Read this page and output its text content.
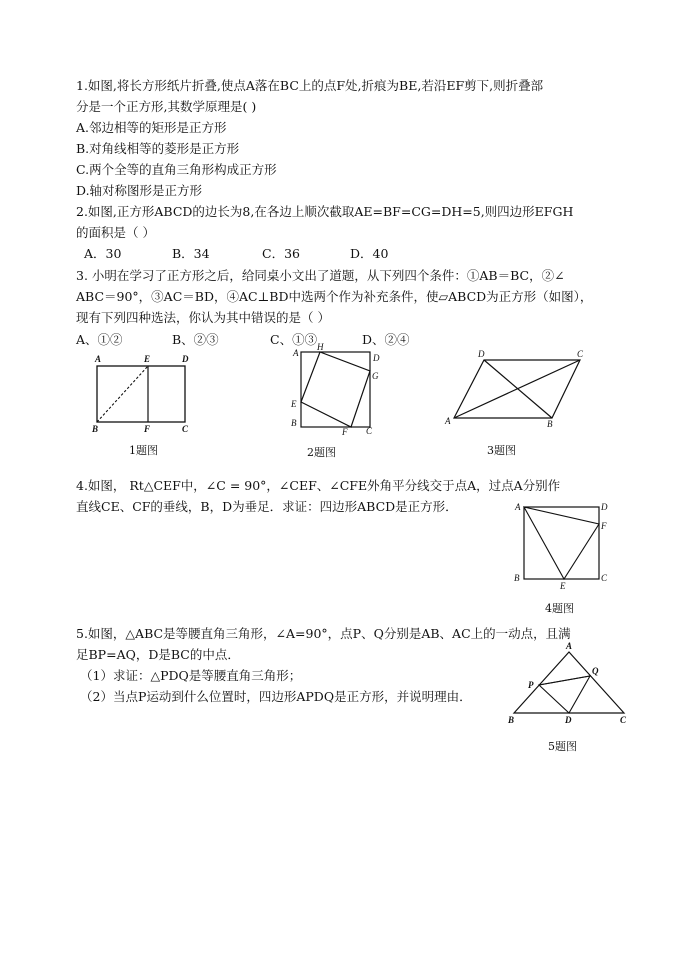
1.如图,将长方形纸片折叠,使点A落在BC上的点F处,折痕为BE,若沿EF剪下,则折叠部
分是一个正方形,其数学原理是( )
A.邻边相等的矩形是正方形
B.对角线相等的菱形是正方形
C.两个全等的直角三角形构成正方形
D.轴对称图形是正方形
2.如图,正方形ABCD的边长为8,在各边上顺次截取AE=BF=CG=DH=5,则四边形EFGH
的面积是（ ）
A．30	B．34	C．36	D．40
3. 小明在学习了正方形之后，给同桌小文出了道题，从下列四个条件：①AB＝BC，②∠
ABC＝90°，③AC＝BD，④AC⊥BD中选两个作为补充条件，使▱ABCD为正方形（如图），
现有下列四种选法，你认为其中错误的是（ ）
A、①②	B、②③	C、①③	D、②④
A	E	D
B	F	C
1题图
A
H
D
G
E
B
F C
2题图
D	C
A	B
3题图
4.如图， Rt△CEF中，∠C = 90°，∠CEF、∠CFE外角平分线交于点A，过点A分别作
直线CE、CF的垂线，B，D为垂足．求证：四边形ABCD是正方形．	A	D
F
B
E
C
4题图
5.如图，△ABC是等腰直角三角形，∠A=90°，点P、Q分别是AB、AC上的一动点，且满
足BP=AQ，D是BC的中点．
（1）求证：△PDQ是等腰直角三角形；
（2）当点P运动到什么位置时，四边形APDQ是正方形，并说明理由．
A
Q
P
B	D	C
5题图
